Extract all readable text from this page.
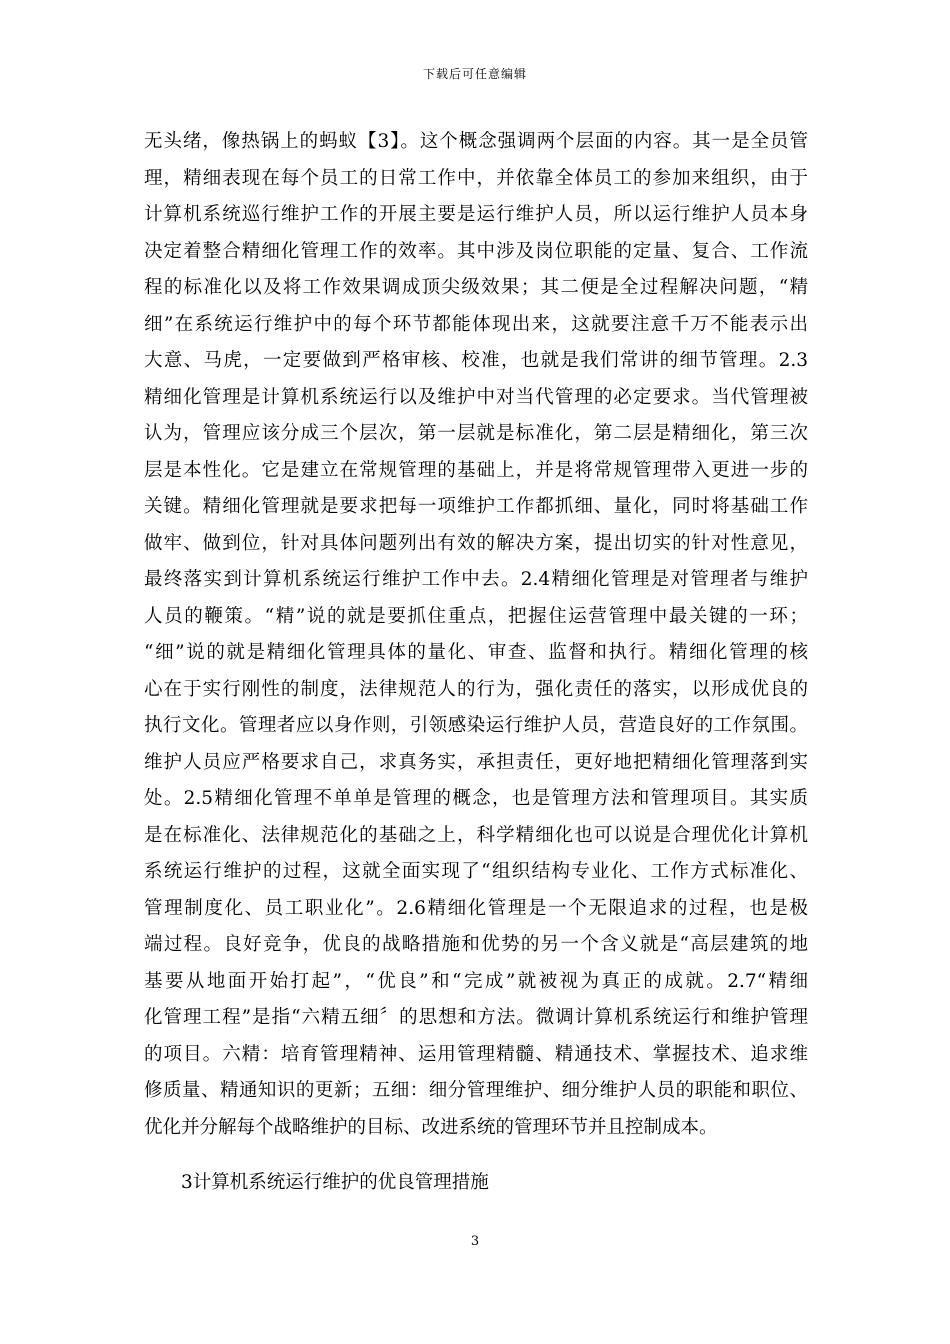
下载后可任意编辑
无头绪，像热锅上的蚂蚁【3】。这个概念强调两个层面的内容。其一是全员管
理，精细表现在每个员工的日常工作中，并依靠全体员工的参加来组织，由于
计算机系统巡行维护工作的开展主要是运行维护人员，所以运行维护人员本身
决定着整合精细化管理工作的效率。其中涉及岗位职能的定量、复合、工作流
程的标准化以及将工作效果调成顶尖级效果；其二便是全过程解决问题，“精
细”在系统运行维护中的每个环节都能体现出来，这就要注意千万不能表示出
大意、马虎，一定要做到严格审核、校准，也就是我们常讲的细节管理。2.3
精细化管理是计算机系统运行以及维护中对当代管理的必定要求。当代管理被
认为，管理应该分成三个层次，第一层就是标准化，第二层是精细化，第三次
层是本性化。它是建立在常规管理的基础上，并是将常规管理带入更进一步的
关键。精细化管理就是要求把每一项维护工作都抓细、量化，同时将基础工作
做牢、做到位，针对具体问题列出有效的解决方案，提出切实的针对性意见，
最终落实到计算机系统运行维护工作中去。2.4精细化管理是对管理者与维护
人员的鞭策。“精”说的就是要抓住重点，把握住运营管理中最关键的一环；
“细”说的就是精细化管理具体的量化、审查、监督和执行。精细化管理的核
心在于实行刚性的制度，法律规范人的行为，强化责任的落实，以形成优良的
执行文化。管理者应以身作则，引领感染运行维护人员，营造良好的工作氛围。
维护人员应严格要求自己，求真务实，承担责任，更好地把精细化管理落到实
处。2.5精细化管理不单单是管理的概念，也是管理方法和管理项目。其实质
是在标准化、法律规范化的基础之上，科学精细化也可以说是合理优化计算机
系统运行维护的过程，这就全面实现了“组织结构专业化、工作方式标准化、
管理制度化、员工职业化”。2.6精细化管理是一个无限追求的过程，也是极
端过程。良好竞争，优良的战略措施和优势的另一个含义就是“高层建筑的地
基要从地面开始打起”，“优良”和“完成”就被视为真正的成就。2.7“精细
化管理工程”是指“六精五细〞的思想和方法。微调计算机系统运行和维护管理
的项目。六精：培育管理精神、运用管理精髓、精通技术、掌握技术、追求维
修质量、精通知识的更新；五细：细分管理维护、细分维护人员的职能和职位、
优化并分解每个战略维护的目标、改进系统的管理环节并且控制成本。
3计算机系统运行维护的优良管理措施
3
